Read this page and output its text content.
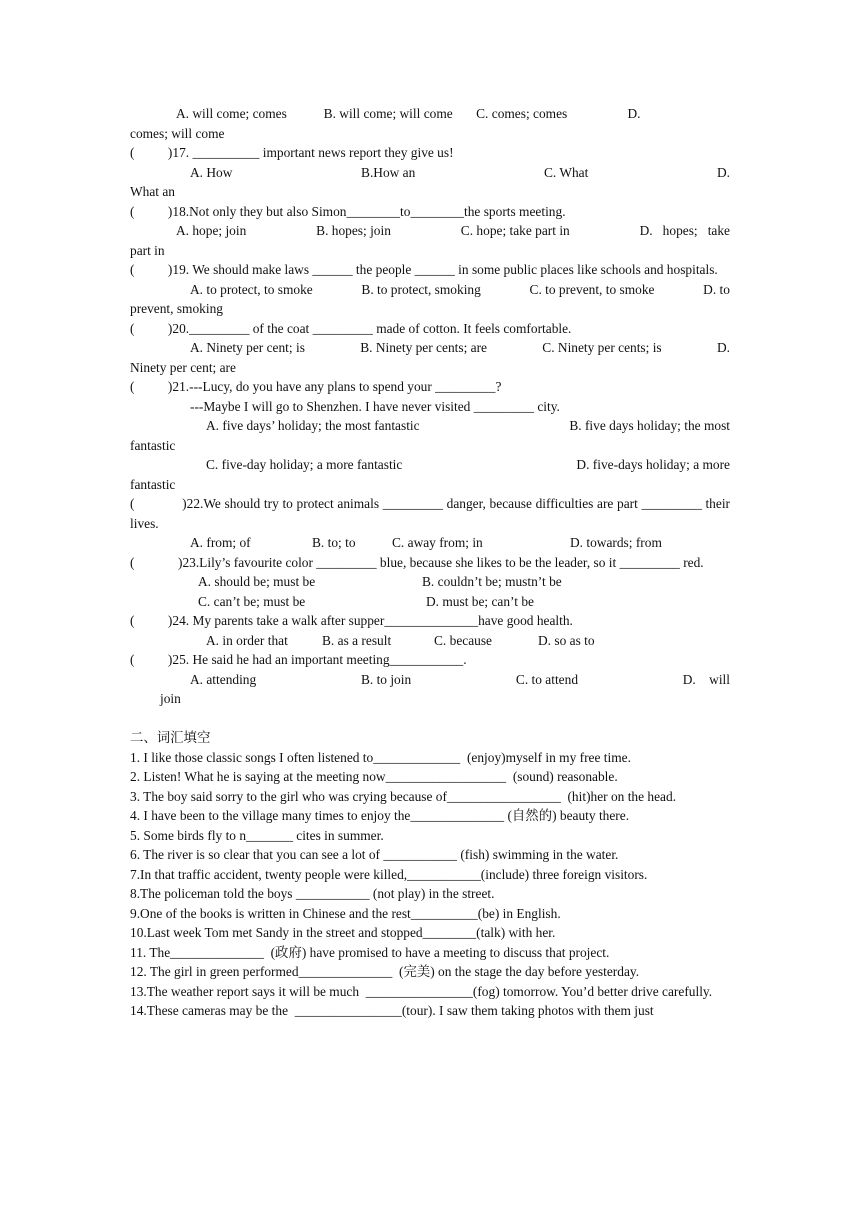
A. will come; comes           B. will come; will come       C. comes; comes                  D.
comes; will come
(          )17. __________ important news report they give us!
A. How	B.How an	C. What	D.
What an
(          )18.Not only they but also Simon________to________the sports meeting.
A. hope; join	B. hopes; join	C. hope; take part in	D.   hopes;   take
part in
(          )19. We should make laws ______ the people ______ in some public places like schools and hospitals.
A. to protect, to smoke	B. to protect, smoking	C. to prevent, to smoke	D. to
prevent, smoking
(          )20._________ of the coat _________ made of cotton. It feels comfortable.
A. Ninety per cent; is	B. Ninety per cents; are	C. Ninety per cents; is	D.
Ninety per cent; are
(          )21.---Lucy, do you have any plans to spend your _________?
---Maybe I will go to Shenzhen. I have never visited _________ city.
A. five days’ holiday; the most fantastic	B. five days holiday; the most
fantastic
C. five-day holiday; a more fantastic	D. five-days holiday; a more
fantastic
(             )22.We should try to protect animals _________ danger, because difficulties are part _________ their lives.
A. from; of	B. to; to	C. away from; in	D. towards; from
(             )23.Lily’s favourite color _________ blue, because she likes to be the leader, so it _________ red.
A. should be; must be	B. couldn’t be; mustn’t be
C. can’t be; must be	D. must be; can’t be
(          )24. My parents take a walk after supper______________have good health.
A. in order that	B. as a result	C. because	D. so as to
(          )25. He said he had an important meeting___________.
A. attending	B. to join	C. to attend	D.    will
join
二、词汇填空
1. I like those classic songs I often listened to_____________  (enjoy)myself in my free time.
2. Listen! What he is saying at the meeting now__________________  (sound) reasonable.
3. The boy said sorry to the girl who was crying because of_________________  (hit)her on the head.
4. I have been to the village many times to enjoy the______________ (自然的) beauty there.
5. Some birds fly to n_______ cites in summer.
6. The river is so clear that you can see a lot of ___________ (fish) swimming in the water.
7.In that traffic accident, twenty people were killed,___________(include) three foreign visitors.
8.The policeman told the boys ___________ (not play) in the street.
9.One of the books is written in Chinese and the rest__________(be) in English.
10.Last week Tom met Sandy in the street and stopped________(talk) with her.
11. The______________  (政府) have promised to have a meeting to discuss that project.
12. The girl in green performed______________  (完美) on the stage the day before yesterday.
13.The weather report says it will be much  ________________(fog) tomorrow. You’d better drive carefully.
14.These cameras may be the  ________________(tour). I saw them taking photos with them just
